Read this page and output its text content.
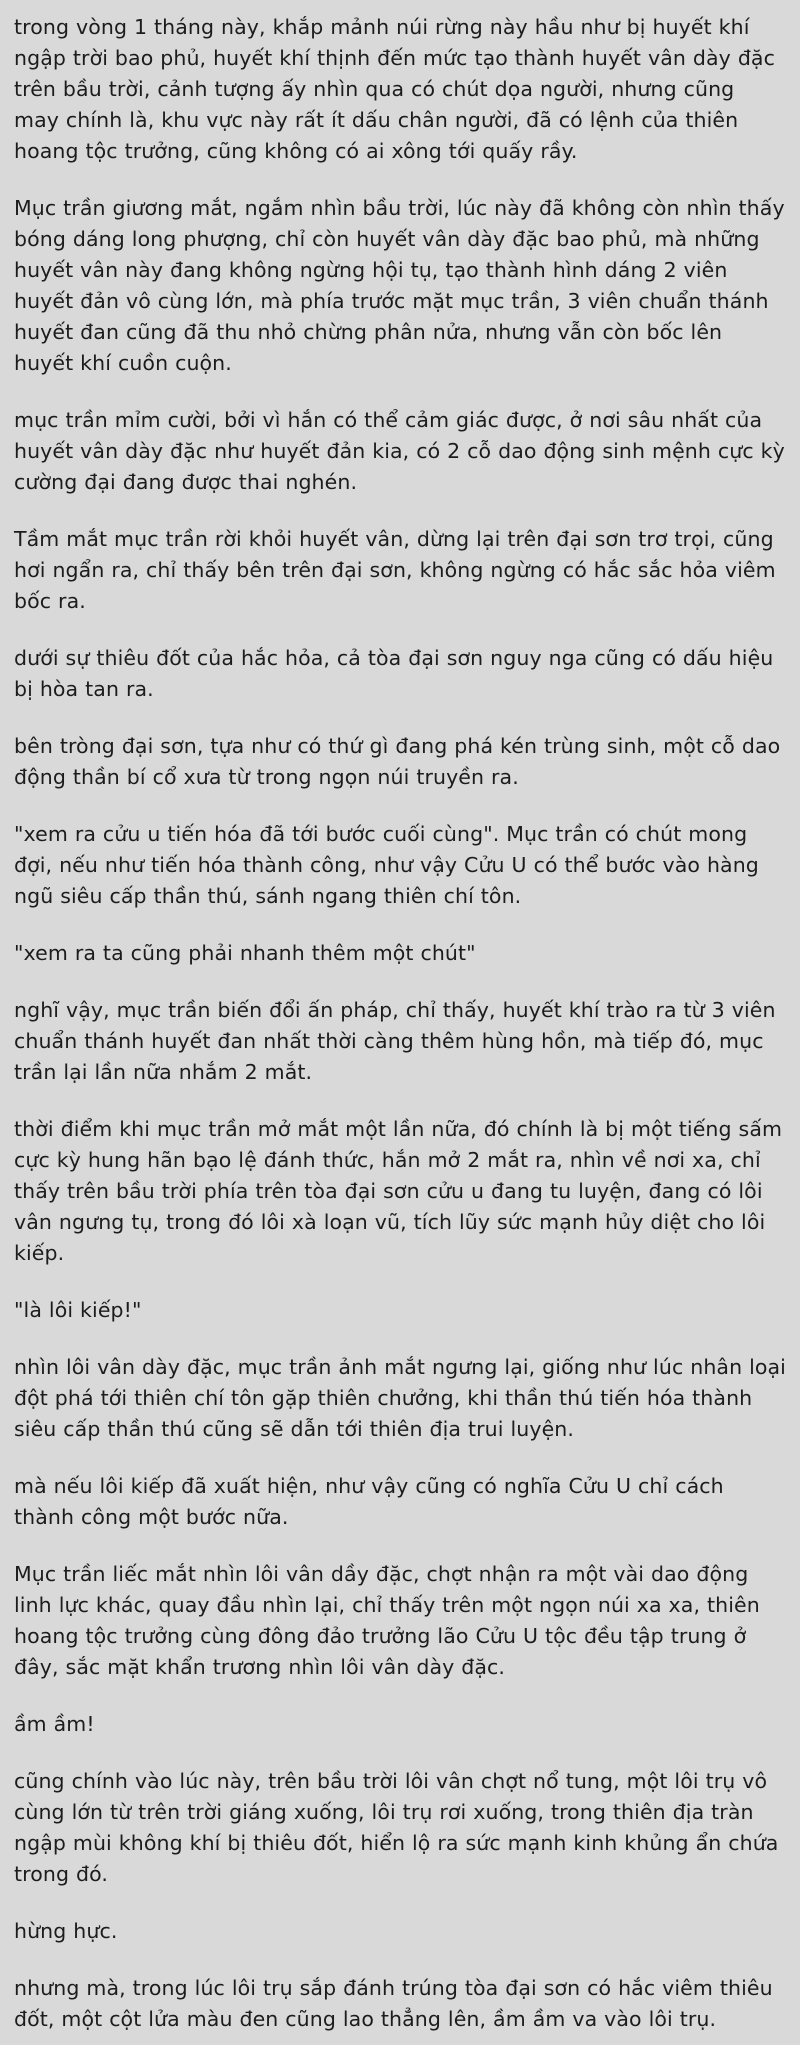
trong vòng 1 tháng này, khắp mảnh núi rừng này hầu như bị huyết khí ngập trời bao phủ, huyết khí thịnh đến mức tạo thành huyết vân dày đặc trên bầu trời, cảnh tượng ấy nhìn qua có chút dọa người, nhưng cũng may chính là, khu vực này rất ít dấu chân người, đã có lệnh của thiên hoang tộc trưởng, cũng không có ai xông tới quấy rầy.

Mục trần giương mắt, ngắm nhìn bầu trời, lúc này đã không còn nhìn thấy bóng dáng long phượng, chỉ còn huyết vân dày đặc bao phủ, mà những huyết vân này đang không ngừng hội tụ, tạo thành hình dáng 2 viên huyết đản vô cùng lớn, mà phía trước mặt mục trần, 3 viên chuẩn thánh huyết đan cũng đã thu nhỏ chừng phân nửa, nhưng vẫn còn bốc lên huyết khí cuồn cuộn.

mục trần mỉm cười, bởi vì hắn có thể cảm giác được, ở nơi sâu nhất của huyết vân dày đặc như huyết đản kia, có 2 cỗ dao động sinh mệnh cực kỳ cường đại đang được thai nghén.

Tầm mắt mục trần rời khỏi huyết vân, dừng lại trên đại sơn trơ trọi, cũng hơi ngẩn ra, chỉ thấy bên trên đại sơn, không ngừng có hắc sắc hỏa viêm bốc ra.

dưới sự thiêu đốt của hắc hỏa, cả tòa đại sơn nguy nga cũng có dấu hiệu bị hòa tan ra.

bên tròng đại sơn, tựa như có thứ gì đang phá kén trùng sinh, một cỗ dao động thần bí cổ xưa từ trong ngọn núi truyền ra.

"xem ra cửu u tiến hóa đã tới bước cuối cùng". Mục trần có chút mong đợi, nếu như tiến hóa thành công, như vậy Cửu U có thể bước vào hàng ngũ siêu cấp thần thú, sánh ngang thiên chí tôn.

"xem ra ta cũng phải nhanh thêm một chút"

nghĩ vậy, mục trần biến đổi ấn pháp, chỉ thấy, huyết khí trào ra từ 3 viên chuẩn thánh huyết đan nhất thời càng thêm hùng hồn, mà tiếp đó, mục trần lại lần nữa nhắm 2 mắt.

thời điểm khi mục trần mở mắt một lần nữa, đó chính là bị một tiếng sấm cực kỳ hung hãn bạo lệ đánh thức, hắn mở 2 mắt ra, nhìn về nơi xa, chỉ thấy trên bầu trời phía trên tòa đại sơn cửu u đang tu luyện, đang có lôi vân ngưng tụ, trong đó lôi xà loạn vũ, tích lũy sức mạnh hủy diệt cho lôi kiếp.

"là lôi kiếp!"

nhìn lôi vân dày đặc, mục trần ảnh mắt ngưng lại, giống như lúc nhân loại đột phá tới thiên chí tôn gặp thiên chưởng, khi thần thú tiến hóa thành siêu cấp thần thú cũng sẽ dẫn tới thiên địa trui luyện.

mà nếu lôi kiếp đã xuất hiện, như vậy cũng có nghĩa Cửu U chỉ cách thành công một bước nữa.

Mục trần liếc mắt nhìn lôi vân dầy đặc, chợt nhận ra một vài dao động linh lực khác, quay đầu nhìn lại, chỉ thấy trên một ngọn núi xa xa, thiên hoang tộc trưởng cùng đông đảo trưởng lão Cửu U tộc đều tập trung ở đây, sắc mặt khẩn trương nhìn lôi vân dày đặc.

ầm ầm!

cũng chính vào lúc này, trên bầu trời lôi vân chợt nổ tung, một lôi trụ vô cùng lớn từ trên trời giáng xuống, lôi trụ rơi xuống, trong thiên địa tràn ngập mùi không khí bị thiêu đốt, hiển lộ ra sức mạnh kinh khủng ẩn chứa trong đó.

hừng hực.

nhưng mà, trong lúc lôi trụ sắp đánh trúng tòa đại sơn có hắc viêm thiêu đốt, một cột lửa màu đen cũng lao thẳng lên, ầm ầm va vào lôi trụ.
